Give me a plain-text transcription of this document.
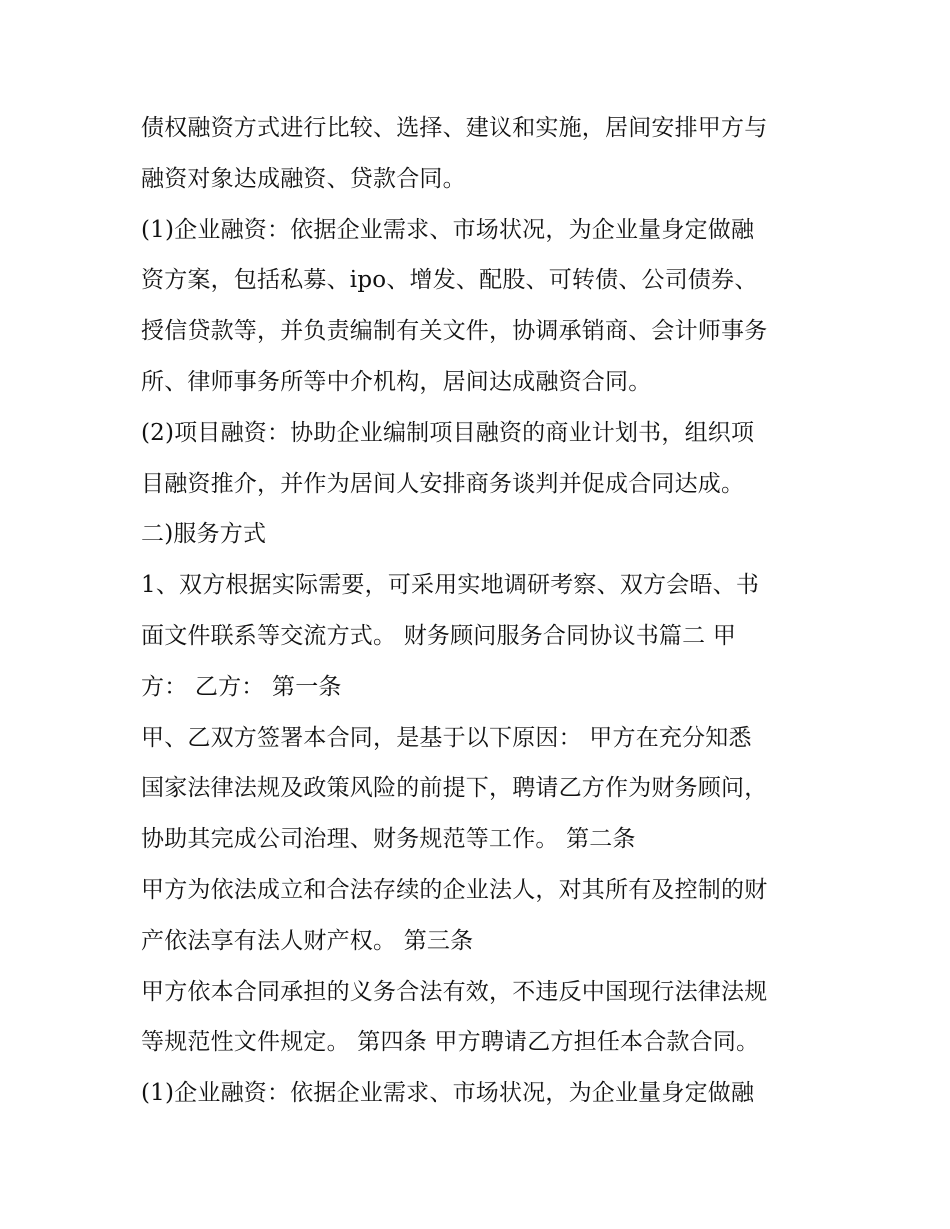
债权融资方式进行比较、选择、建议和实施，居间安排甲方与
融资对象达成融资、贷款合同。
(1)企业融资：依据企业需求、市场状况，为企业量身定做融
资方案，包括私募、ipo、增发、配股、可转债、公司债券、
授信贷款等，并负责编制有关文件，协调承销商、会计师事务
所、律师事务所等中介机构，居间达成融资合同。
(2)项目融资：协助企业编制项目融资的商业计划书，组织项
目融资推介，并作为居间人安排商务谈判并促成合同达成。
二)服务方式
1、双方根据实际需要，可采用实地调研考察、双方会晤、书
面文件联系等交流方式。 财务顾问服务合同协议书篇二 甲
方： 乙方： 第一条
甲、乙双方签署本合同，是基于以下原因： 甲方在充分知悉
国家法律法规及政策风险的前提下，聘请乙方作为财务顾问，
协助其完成公司治理、财务规范等工作。 第二条
甲方为依法成立和合法存续的企业法人，对其所有及控制的财
产依法享有法人财产权。 第三条
甲方依本合同承担的义务合法有效，不违反中国现行法律法规
等规范性文件规定。 第四条 甲方聘请乙方担任本合款合同。
(1)企业融资：依据企业需求、市场状况，为企业量身定做融
